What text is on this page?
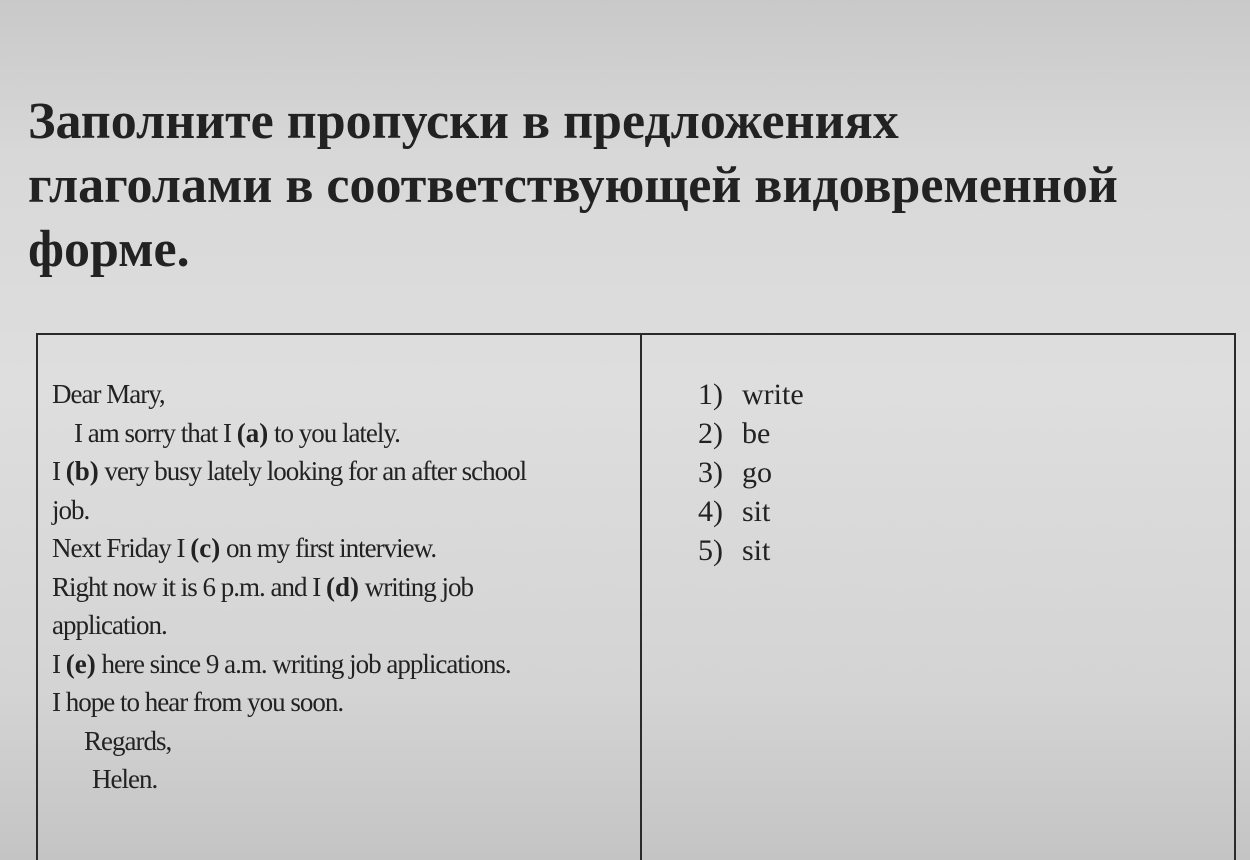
Заполните пропуски в предложениях
глаголами в соответствующей видовременной
форме.
Dear Mary,
I am sorry that I (a) to you lately.
I (b) very busy lately looking for an after school
job.
Next Friday I (c) on my first interview.
Right now it is 6 p.m. and I (d) writing job
application.
I (e) here since 9 a.m. writing job applications.
I hope to hear from you soon.
Regards,
Helen.
1) write
2) be
3) go
4) sit
5) sit
